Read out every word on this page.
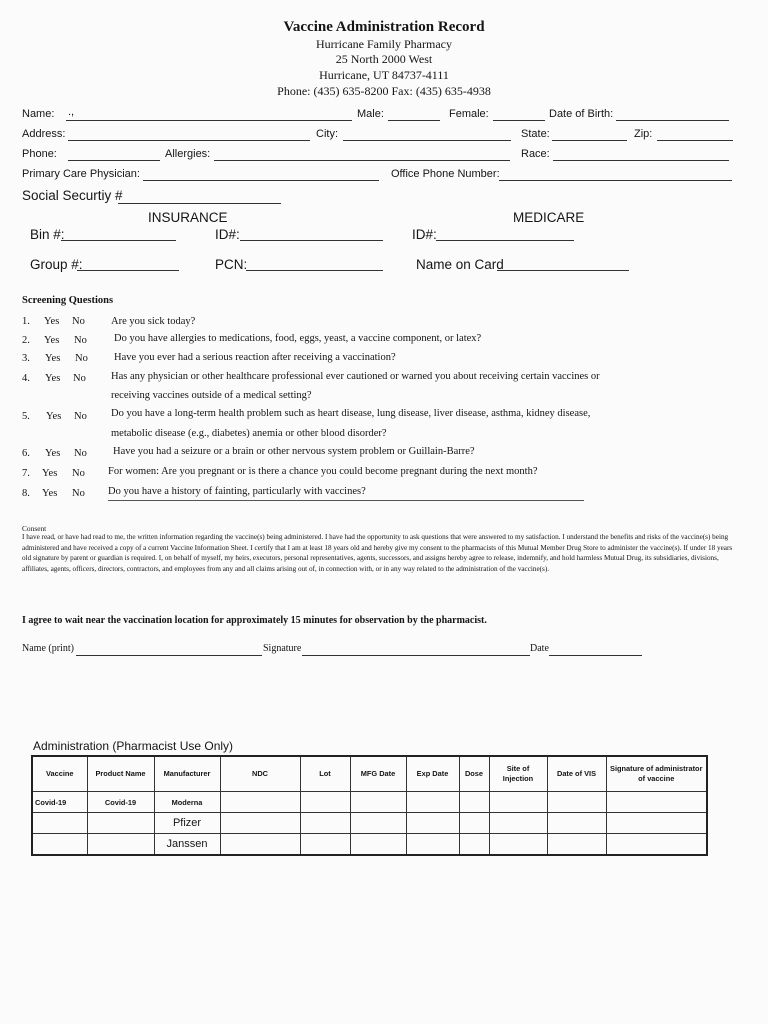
Vaccine Administration Record
Hurricane Family Pharmacy
25 North 2000 West
Hurricane, UT 84737-4111
Phone: (435) 635-8200 Fax: (435) 635-4938
Name: .,	Male:	Female:	Date of Birth:
Address:	City:	State:	Zip:
Phone:	Allergies:	Race:
Primary Care Physician:	Office Phone Number:
Social Securtiy #
INSURANCE	MEDICARE
Bin #:	ID#:	ID#:
Group #:	PCN:	Name on Card
Screening Questions
1. Yes No Are you sick today?
2. Yes No	Do you have allergies to medications, food, eggs, yeast, a vaccine component, or latex?
3. Yes No Have you ever had a serious reaction after receiving a vaccination?
4. Yes No Has any physician or other healthcare professional ever cautioned or warned you about receiving certain vaccines or
receiving vaccines outside of a medical setting?
5. Yes No Do you have a long-term health problem such as heart disease, lung disease, liver disease, asthma, kidney disease,
metabolic disease (e.g., diabetes) anemia or other blood disorder?
6. Yes No Have you had a seizure or a brain or other nervous system problem or Guillain-Barre?
7. Yes No For women: Are you pregnant or is there a chance you could become pregnant during the next month?
8. Yes No Do you have a history of fainting, particularly with vaccines?
Consent
I have read, or have had read to me, the written information regarding the vaccine(s) being administered. I have had the opportunity to ask questions that were answered to my satisfaction. I understand the benefits and risks of the vaccine(s) being administered and have received a copy of a current Vaccine Information Sheet. I certify that I am at least 18 years old and hereby give my consent to the pharmacists of this Mutual Member Drug Store to administer the vaccine(s). If under 18 years old signature by parent or guardian is required. I, on behalf of myself, my heirs, executors, personal representatives, agents, successors, and assigns hereby agree to release, indemnify, and hold harmless Mutual Drug, its subsidiaries, divisions, affiliates, agents, officers, directors, contractors, and employees from any and all claims arising out of, in connection with, or in any way related to the administration of the vaccine(s).
I agree to wait near the vaccination location for approximately 15 minutes for observation by the pharmacist.
Name (print)	Signature	Date
Administration (Pharmacist Use Only)
Vaccine	Product Name	Manufacturer	NDC	Lot	MFG Date	Exp Date	Dose	Site of Injection	Date of VIS	Signature of administrator of vaccine
Covid-19	Covid-19	Moderna								
		Pfizer								
		Janssen								
